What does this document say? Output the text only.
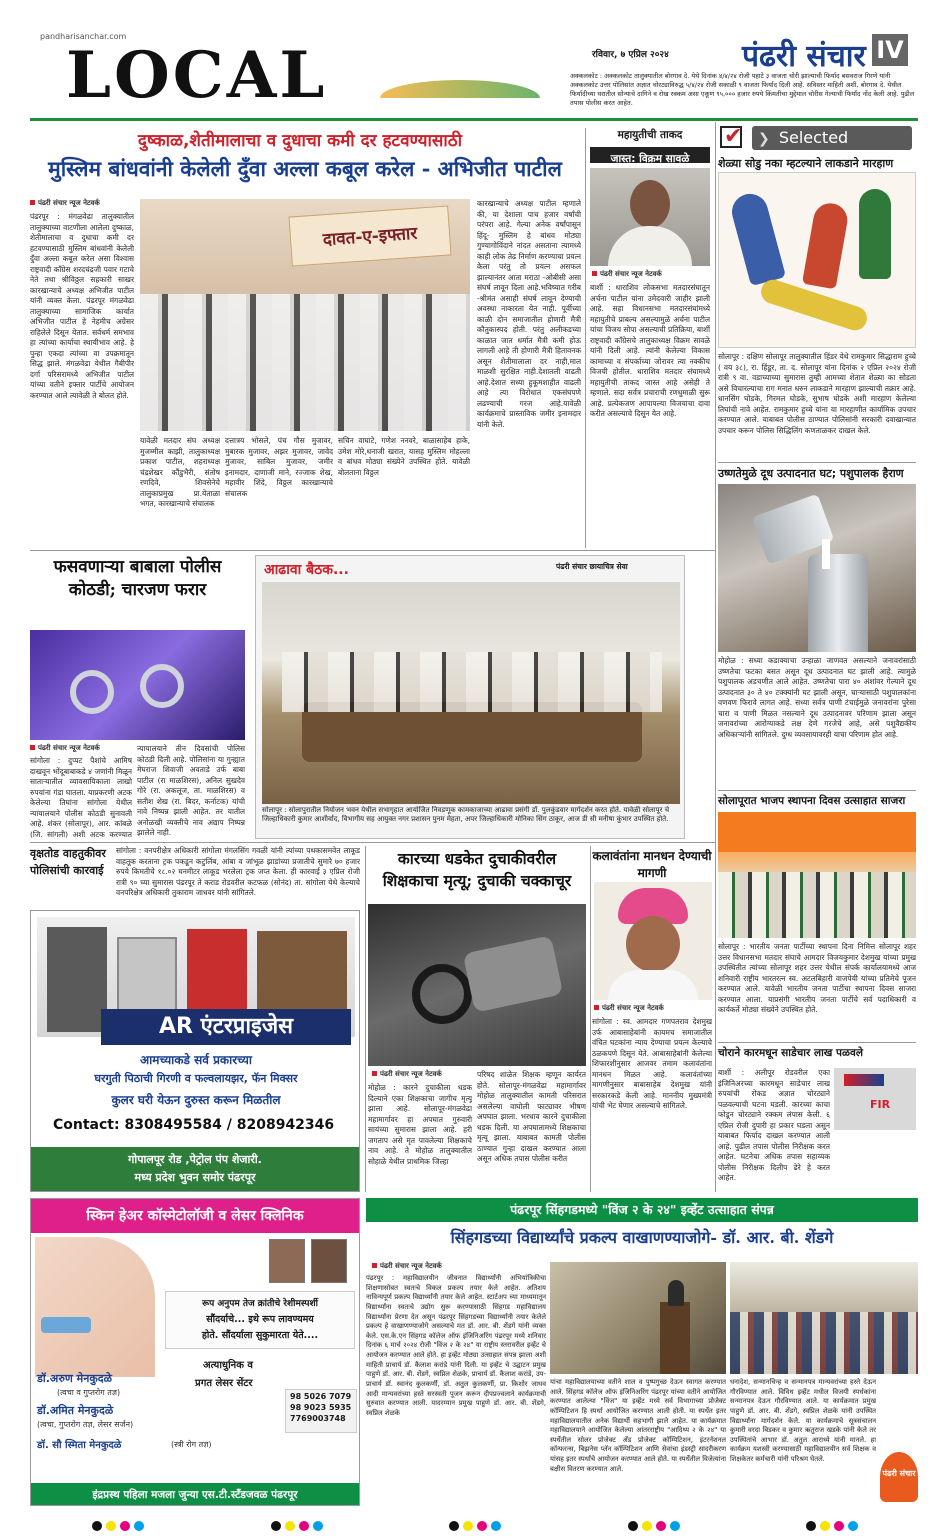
pandharisanchar.com
LOCAL	रविवार, ७ एप्रिल २०२४ पंढरी संचार IV
अक्कलकोट : अक्कलकोट तालुक्यातील बोरगाव दे. येथे दिनांक ४/४/२४ रोजी पहाटे ३ वाजता चोरी झाल्याची फिर्याद बसवराज गिरणे यांनी अक्कलकोट उत्तर पोलिसांत अज्ञात चोरट्याविरुद्ध ५/४/२४ रोजी सकाळी ९ वाजता फिर्याद दिली आहे. सविस्तर माहिती अशी, बोरगाव दे. येथील फिर्यादीच्या घरातील सोन्याचे दागिने व रोख रक्कम असा एकूण ९५,००० हजार रुपये किंमतीचा मुद्देमाल चोरीस गेल्याची फिर्याद नोंद केली आहे. पुढील तपास पोलीस करत आहेत.
दुष्काळ,शेतीमालाचा व दुधाचा कमी दर हटवण्यासाठी
मुस्लिम बांधवांनी केलेली दुँवा अल्ला कबूल करेल - अभिजीत पाटील
पंढरी संचार न्यूज नेटवर्क
पंढरपूर : मंगळवेढा तालुक्यातील तालुक्याच्या वाटणीला आलेला दुष्काळ, शेतीमालाचा व दुधाचा कमी दर हटवण्यासाठी मुस्लिम बांधवांनी केलेली दुँवा अल्ला कबूल करेल असा विश्वास राष्ट्रवादी काँग्रेस शरदचंद्रजी पवार गटाचे नेते तथा श्रीविठ्ठल सहकारी साखर कारखान्याचे अध्यक्ष अभिजीत पाटील यांनी व्यक्त केला. पंढरपूर मंगळवेढा तालुक्याच्या सामाजिक कार्यात अभिजीत पाटील हे नेहमीच अग्रेसर राहिलेले दिसून येतात. सर्वधर्म समभाव हा त्यांच्या कार्याचा स्थायीभाव आहे. हे पुन्हा एकदा त्यांच्या वा उपक्रमातून सिद्ध झाले. मंगळवेढा येथील गैबीपीर दर्गा परिसरामध्ये अभिजीत पाटील यांच्या वतीने इफ्तार पार्टीचे आयोजन करण्यात आले त्यावेळी ते बोलत होते.
दावत-ए-इफ्तार
यावेळी मतदार संघ अध्यक्ष मुजम्मील काझी, तालुकाध्यक्ष प्रकाश पाटील, शहराध्यक्ष चंद्रशेखर कौंडुभैरी, संतोष रणदिवे, शिवसेनेचे तालुकाप्रमुख प्रा.येताळा भगत, कारखान्याचे संचालक
दत्तात्रय भोसले, पंच गौस मुजावर, मुबारक मुजावर, अझर मुजावर, जावेद मुजावर, साबिल मुजावर, जमीर इनामदार, दाणाजी माने, रज्जाक शेख, महावीर शिंदे, विठ्ठल कारखान्याचे संचालक
सचिन वाघाटे, गणेश ननवरे, बाळासाहेब हाके, उमेश मोरे,धनाजी खरात, यासह मुस्लिम मोहल्ला व बांधव मोठ्या संख्येने उपस्थित होते. यावेळी बोलताना विठ्ठल
कारखान्याचे अध्यक्ष पाटील म्हणाले की, या देशाला पाच हजार वर्षांची परंपरा आहे. गेल्या अनेक वर्षांपासून हिंदू- मुस्लिम हे बांधव मोठ्या गुण्यागोविंदाने नांदत असताना त्यामध्ये काही लोक तेढ निर्माण करण्याचा प्रयत्न केला परंतु तो प्रयत्न असफल झाल्यानंतर आता मराठा -ओबीसी असा संघर्ष लावून दिला आहे.भविष्यात गरीब -श्रीमंत असाही संघर्ष लावून देण्याची अवस्था नाकारता येत नाही. पूर्वीच्या काळी दोन समाजातील होणारी मैत्री कौतुकास्पद होती. परंतु अलीकडच्या काळात जात धर्मात मैत्री कमी होऊ लागली आहे ती होणारी मैत्री हितावनक असून शेतीमालाला दर नाही,माल माळशी सुरक्षित नाही.देशातली वाढती आहे.देशात सध्या हुकूमशाहीत वाढली आहे त्या विरोधात एकसंघपणे लढण्याची गरज आहे.यावेळी कार्यक्रमाचे प्रास्ताविक जमीर इनामदार यांनी केले.
महायुतीची ताकद
जास्त: विक्रम सावळे
पंढरी संचार न्यूज नेटवर्क
बार्शी : धाराशिव लोकसभा मतदारसंघातून अर्चना पाटील यांना उमेदवारी जाहीर झाली आहे. सहा विधानसभा मतदारसंघांमध्ये महायुतीचे प्राबल्य असल्यामुळे अर्चना पाटील यांचा विजय सोपा असल्याची प्रतिक्रिया, बार्शी राष्ट्रवादी काँग्रेसचे तालुकाध्यक्ष विक्रम सावळे यांनी दिली आहे. त्यांनी केलेल्या विकास कामाच्या व संपर्काच्या जोरावर त्या नक्कीच विजयी होतील. धाराशिव मतदार संघामध्ये महायुतीची ताकद जास्त आहे असेही ते म्हणाले. सदा सर्वत्र प्रचाराची रणधुमाळी सुरू आहे. प्रत्येकजण आपापल्या विजयाचा दावा करीत असल्याचे दिसून येत आहे.
✔	❯ Selected
शेळ्या सोडु नका म्हटल्याने लाकडाने मारहाण
सोलापूर : दक्षिण सोलापूर तालुक्यातील हिंडर येथे रामकुमार सिद्धाराम हुच्चे ( वय ३८), रा. हिंडूर, ता. द. सोलापूर यांना दिनांक २ एप्रिल २०२४ रोजी रात्री ९ वा. वडाच्याच्या सुमारास तुम्ही आमच्या शेतात शेळ्या का सोडता असे विचारल्याचा राग मनात धरुन लाकडाने मारहाण झाल्याची तक्रार आहे. धानसिंग घोडके, गिरमल घोडके, सुभाष घोडके अशी मारहाण केलेल्या तिघांची नावे आहेत. रामकुमार हुच्चे यांना या मारहाणीत कार्यामिक उपचार करण्यात आले. याबाबत पोलीस ठाण्यात पोलिसांनी सरकारी दवाखान्यात उपचार करून पोलिस सिद्धिलिंग कणताळकर दाखल केले.
उष्णतेमुळे दूध उत्पादनात घट; पशुपालक हैराण
मोहोळ : सध्या कडाक्याचा उन्हाळा जाणवत असल्याने जनावरांसाठी उष्णतेचा फटका बसत असून दूध उत्पादनात घट झाली आहे. त्यामुळे पशुपालक अडचणीत आले आहेत. उष्णतेचा पारा ४० अंशांवर गेल्याने दूध उत्पादनात ३० ते ४० टक्क्यांनी घट झाली असून, चाऱ्यासाठी पशुपालकांना वणवण फिरावे लागत आहे. सध्या सर्वत्र पाणी टंचाईमुळे जनावरांना पुरेसा चारा व पाणी मिळत नसल्याने दूध उत्पादनावर परिणाम झाला असून जनावरांच्या आरोग्याकडे लक्ष देणे गरजेचे आहे, असे पशुवैद्यकीय अधिकाऱ्यांनी सांगितले. दुग्ध व्यवसायावरही याचा परिणाम होत आहे.
सोलापूरात भाजप स्थापना दिवस उत्साहात साजरा
सोलापूर : भारतीय जनता पार्टीच्या स्थापना दिना निमित्त सोलापूर शहर उत्तर विधानसभा मतदार संघाचे आमदार विजयकुमार देशमुख यांच्या प्रमुख उपस्थितीत त्यांच्या सोलापूर शहर उत्तर येथील संपर्क कार्यालयामध्ये आज शनिवारी राष्ट्रीय भारतरत्न स्व. अटलबिहारी वाजपेयी यांच्या प्रतिमेचे पूजन करण्यात आले. यावेळी भारतीय जनता पार्टीचा स्थापना दिवस साजरा करण्यात आला. याप्रसंगी भारतीय जनता पार्टीचे सर्व पदाधिकारी व कार्यकर्ते मोठ्या संख्येने उपस्थित होते.
चोराने कारमधून साडेचार लाख पळवले
FIR
बार्शी : अलीपूर रोडवरील एका इंजिनिअरच्या कारमधून साडेचार लाख रुपयांची रोकड अज्ञात चोरट्याने पळवल्याची घटना घडली. कारच्या काचा फोडून चोरट्याने रक्कम लंपास केली. ६ एप्रिल रोजी दुपारी हा प्रकार घडला असून याबाबत फिर्याद दाखल करण्यात आली आहे. पुढील तपास पोलीस निरीक्षक करत आहेत. घटनेचा अधिक तपास सहाय्यक पोलीस निरीक्षक दिलीप ढेरे हे करत आहेत.
फसवणाऱ्या बाबाला पोलीस कोठडी; चारजण फरार
पंढरी संचार न्यूज नेटवर्क
सांगोला : दुप्पट पैशांचे आमिष दाखवून भोंदूबाबाकडे ४ जणांनी मिळून साताऱ्यातील व्यावसायिकाला लाखो रुपयांना गंडा घातला. याप्रकरणी अटक केलेल्या तिघांना सांगोला येथील न्यायालयाने पोलीस कोठडी सुनावली आहे. शंकर (सोलापूर), आर. कांबळे (जि. सांगली) अशी अटक करण्यात
न्यायालयाने तीन दिवसांची पोलिस कोठडी दिली आहे. पोलिसांना या गुन्ह्यात मेघराज शिवाजी अवताडे उर्फ बाबा पाटील (रा माळशिरस), अनिल सुखदेव गोरे (रा. अकलूज, ता. माळशिरस) व सतीश शेख (रा. बिदर, कर्नाटक) यांची नावे निष्पन्न झाली आहेत. तर यातील अनोळखी व्यक्तीचे नाव अद्याप निष्पन्न झालेले नाही.
आढावा बैठक...	पंढरी संचार छायाचित्र सेवा
सोलापूर : सोलापुरातील नियोजन भवन येथील सभागृहात आयोजित निवडणूक कामकाजाच्या आढावा प्रसंगी डॉ. पुलकुंडवार मार्गदर्शन करत होते. यावेळी सोलापूर चे जिल्हाधिकारी कुमार आशीर्वाद, विभागीय सह आयुक्त नगर प्रशासन पुनम मेहता, अपर जिल्हाधिकारी मोनिका सिंग ठाकूर, आज डी सी मनीषा कुंभार उपस्थित होते.
वृक्षतोड वाहतुकीवर पोलिसांची कारवाई
सांगोला : वनपरीक्षेत्र अधिकारी सांगोला मंगलसिंग गवळी यांनी त्यांच्या पथकासमवेत लाकूड वाहतूक करताना ट्रक पकडून कटुलिंब, आंबा व जांभूळ झाडांच्या प्रजातीचे सुमारे ७० हजार रुपये किमतीचे १८.०२ घनमीटर लाकूड भरलेला ट्रक जप्त केला. ही कारवाई ३ एप्रिल रोजी रात्री ९० च्या सुमारास पंढरपूर ते कराड रोडवरील कटफळ (सोनंद) ता. सांगोला येथे केल्याचे वनपरिक्षेत्र अधिकारी तुकाराम जाधवर यांनी सांगितले.
AR एंटरप्राइजेस
आमच्याकडे सर्व प्रकारच्या
घरगुती पिठाची गिरणी व फल्वलायझर, फॅन मिक्सर
कुलर घरी येऊन दुरुस्त करून मिळतील
Contact: 8308495584 / 8208942346
गोपालपूर रोड ,पेट्रोल पंप शेजारी.
मध्य प्रदेश भुवन समोर पंढरपूर
कारच्या धडकेत दुचाकीवरील शिक्षकाचा मृत्यू; दुचाकी चक्काचूर
पंढरी संचार न्यूज नेटवर्क
मोहोळ : कारने दुचाकीला धडक दिल्याने एका शिक्षकाचा जागीच मृत्यू झाला आहे. सोलापूर-मंगळवेढा महामार्गावर हा अपघात गुरुवारी सायंच्या सुमारास झाला आहे. हरी जगताप असे मृत पावलेल्या शिक्षकाचे नाव आहे. ते मोहोळ तालुक्यातील सोहाळे येथील प्राथमिक जिल्हा
परिषद शाळेत शिक्षक म्हणून कार्यरत होते. सोलापूर-मंगळवेढा महामार्गावर मोहोळ तालुक्यातील कामती परिसरात असलेल्या वाघोली फाट्यावर भीषण अपघात झाला. भरधाव कारने दुचाकीला धडक दिली. या अपघातामध्ये शिक्षकाचा मृत्यू झाला. याबाबत कामती पोलीस ठाण्यात गुन्हा दाखल करण्यात आला असून अधिक तपास पोलीस करीत
कलावंतांना मानधन देण्याची मागणी
पंढरी संचार न्यूज नेटवर्क
सांगोला : स्व. आमदार गणपतराव देशमुख उर्फ आबासाहेबांनी कायमच समाजातील वंचित घटकांना न्याय देण्याचा प्रयत्न केल्याचे ठळकपणे दिसून येते. आबासाहेबांनी केलेल्या शिफारशीनुसार आजवर तमाम कलावंतांना मानधन मिळत आहे. कलावंतांच्या मागणीनुसार बाबासाहेब देशमुख यांनी सरकारकडे केली आहे. माननीय मुख्यमंत्री यांची भेट घेणार असल्याचे सांगितले.
स्किन हेअर कॉस्मेटोलॉजी व लेसर क्लिनिक
रूप अनुपम तेज क्रांतीचे रेशीमस्पर्शी
सौंदर्याचे... इथे रूप लावण्यमय
होते. सौंदर्याला सुकुमारता येते....
डॉ.अरुण मेनकुदळे
(त्वचा व गुप्तरोग तज्ञ)
डॉ.अमित मेनकुदळे
(त्वचा, गुप्तरोग तज्ञ, लेसर सर्जन)
डॉ. सौ स्मिता मेनकुदळे	(स्त्री रोग तज्ञ)
अत्याधुनिक व
प्रगत लेसर सेंटर
98 5026 7079
98 9023 5935
7769003748
इंद्रप्रस्थ पहिला मजला जुन्या एस.टी.स्टँडजवळ पंढरपूर
पंढरपूर सिंहगडमध्ये "विंज २ के २४" इव्हेंट उत्साहात संपन्न
सिंहगडच्या विद्यार्थ्यांचे प्रकल्प वाखाणण्याजोगे- डॉ. आर. बी. शेंडगे
पंढरी संचार न्यूज नेटवर्क
पंढरपूर : महाविद्यालयीन जीवनात विद्यार्थ्यांनी अभियांत्रिकीचा शिक्षणासोबत स्वतःचे विकल प्रकल्प तयार केले आहेत. अतिशय नाविन्यपूर्ण प्रकल्प विद्यार्थ्यांनी तयार केले आहेत. स्टार्टअप च्या माध्यमातून विद्यार्थ्यांना स्वतःचे उद्योग सुरू करण्यासाठी सिंहगड महाविद्यालय विद्यार्थ्यांना प्रेरणा देत असून पंढरपूर सिंहगडच्या विद्यार्थ्यांनी तयार केलेले प्रकल्प हे वाखाणण्याजोगे असल्याचे मत डॉ. आर. बी. शेंडगे यांनी व्यक्त केले. एस.के.एन सिंहगड कॉलेज ऑफ इंजिनिअरिंग पंढरपूर मध्ये शनिवार दिनांक ६ मार्च २०२४ रोजी "विंज २ के २४" या राष्ट्रीय स्तरावरील इव्हेंट चे आयोजन करण्यात आले होते. हा इव्हेंट मोठ्या उत्साहात संपन्न झाला अशी माहिती प्राचार्य डॉ. कैलाश करांडे यांनी दिली. या इव्हेंट चे उद्घाटन प्रमुख पाहुणे डॉ. आर. बी. शेंडगे, स्वप्निल शेळके, प्राचार्य डॉ. कैलाश करांडे, उप-प्राचार्य डॉ. स्वानंद कुलकर्णी, डॉ. अतुल कुलकर्णी, प्रा. किशोर जाधव आदी मान्यवरांच्या हस्ते सरस्वती पूजन करून दीपप्रज्वलाने कार्यक्रमाची सुरुवात करण्यात आली. यादरम्यान प्रमुख पाहुणे डॉ. आर. बी. शेंडगे, स्वप्निल शेळके
यांचा महाविद्यालयाच्या वतीने शाल व पुष्पगुच्छ देऊन स्वागत करण्यात आले. सिंहगड कॉलेज ऑफ इंजिनिअरिंग पंढरपूर यांच्या वतीने आयोजित करण्यात आलेल्या "विंज" या इव्हेंट मध्ये सर्व विभागाच्या प्रोजेक्ट कॉम्पिटिशन हि स्पर्धा आयोजित करण्यात आली होती. या स्पर्धेत इतर महाविद्यालयातील अनेक विद्यार्थी सहभागी झाले आहेत. या कार्यक्रमात महाविद्यालयाने आयोजित केलेल्या आंतरराष्ट्रीय "आदिथ्य २ के २४" या स्पर्धेतील सोलर प्रोजेक्ट अँड प्रोजेक्ट कॉम्पिटिशन, इंटरनॅशनल कॉन्फरन्स, बिझनेस प्लॅन कॉम्पिटिशन आणि सेवांचा इंडस्ट्री सादरीकरण यांसह इतर स्पर्धांचे आयोजन करण्यात आले होते. या स्पर्धेतील विजेत्यांना बक्षीस वितरण करण्यात आले.
धनादेश, सन्मानचिन्ह व सन्मानपत्र मान्यवरांच्या हस्ते देऊन गौरविण्यात आले. विविध इव्हेंट मधील विजयी स्पर्धकांना सन्मानपत्र देऊन गौरविण्यात आले. या कार्यक्रमात प्रमुख पाहुणे डॉ. आर. बी. शेंडगे, स्वप्निल शेळके यांनी उपस्थित विद्यार्थ्यांना मार्गदर्शन केले. या कार्यक्रमाचे सूत्रसंचालन कुमारी वरदा बिडकर व कुमार ऋतुराज खडके यांनी केले तर उपस्थितांचे आभार डॉ. अतुल आराध्ये यांनी मानले. हा कार्यक्रम यशस्वी करण्यासाठी महाविद्यालयीन सर्व शिक्षक व शिक्षकेतर कर्मचारी यांनी परिश्रम घेतले.
पंढरी संचार
